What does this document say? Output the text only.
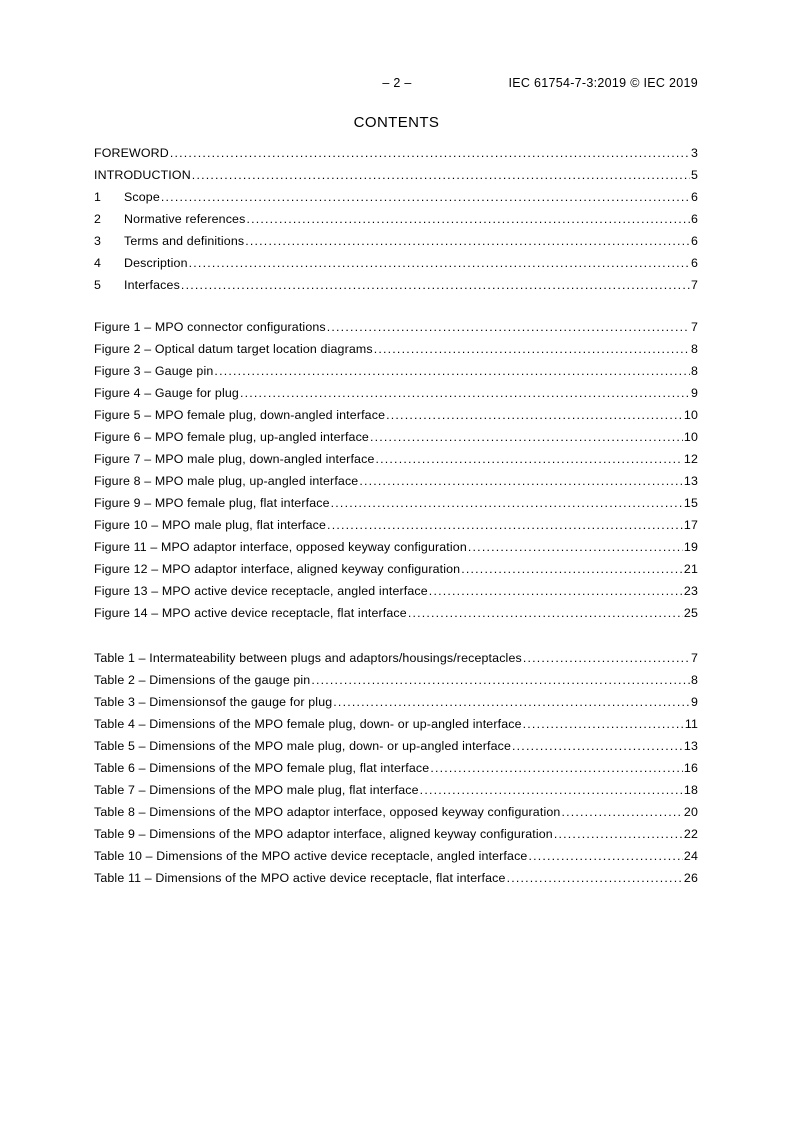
– 2 –	IEC 61754-7-3:2019 © IEC 2019
CONTENTS
FOREWORD .....	3
INTRODUCTION .....	5
1	Scope .....	6
2	Normative references .....	6
3	Terms and definitions .....	6
4	Description .....	6
5	Interfaces .....	7
Figure 1 – MPO connector configurations .....	7
Figure 2 – Optical datum target location diagrams .....	8
Figure 3 – Gauge pin .....	8
Figure 4 – Gauge for plug .....	9
Figure 5 – MPO female plug, down-angled interface .....	10
Figure 6 – MPO female plug, up-angled interface .....	10
Figure 7 – MPO male plug, down-angled interface .....	12
Figure 8 – MPO male plug, up-angled interface .....	13
Figure 9 – MPO female plug, flat interface .....	15
Figure 10 – MPO male plug, flat interface .....	17
Figure 11 – MPO adaptor interface, opposed keyway configuration .....	19
Figure 12 – MPO adaptor interface, aligned keyway configuration .....	21
Figure 13 – MPO active device receptacle, angled interface .....	23
Figure 14 – MPO active device receptacle, flat interface .....	25
Table 1 – Intermateability between plugs and adaptors/housings/receptacles .....	7
Table 2 – Dimensions of the gauge pin .....	8
Table 3 – Dimensionsof the gauge for plug .....	9
Table 4 – Dimensions of the MPO female plug, down- or up-angled interface .....	11
Table 5 – Dimensions of the MPO male plug, down- or up-angled interface .....	13
Table 6 – Dimensions of the MPO female plug, flat interface .....	16
Table 7 – Dimensions of the MPO male plug, flat interface .....	18
Table 8 – Dimensions of the MPO adaptor interface, opposed keyway configuration .....	20
Table 9 – Dimensions of the MPO adaptor interface, aligned keyway configuration .....	22
Table 10 – Dimensions of the MPO active device receptacle, angled interface .....	24
Table 11 – Dimensions of the MPO active device receptacle, flat interface .....	26
